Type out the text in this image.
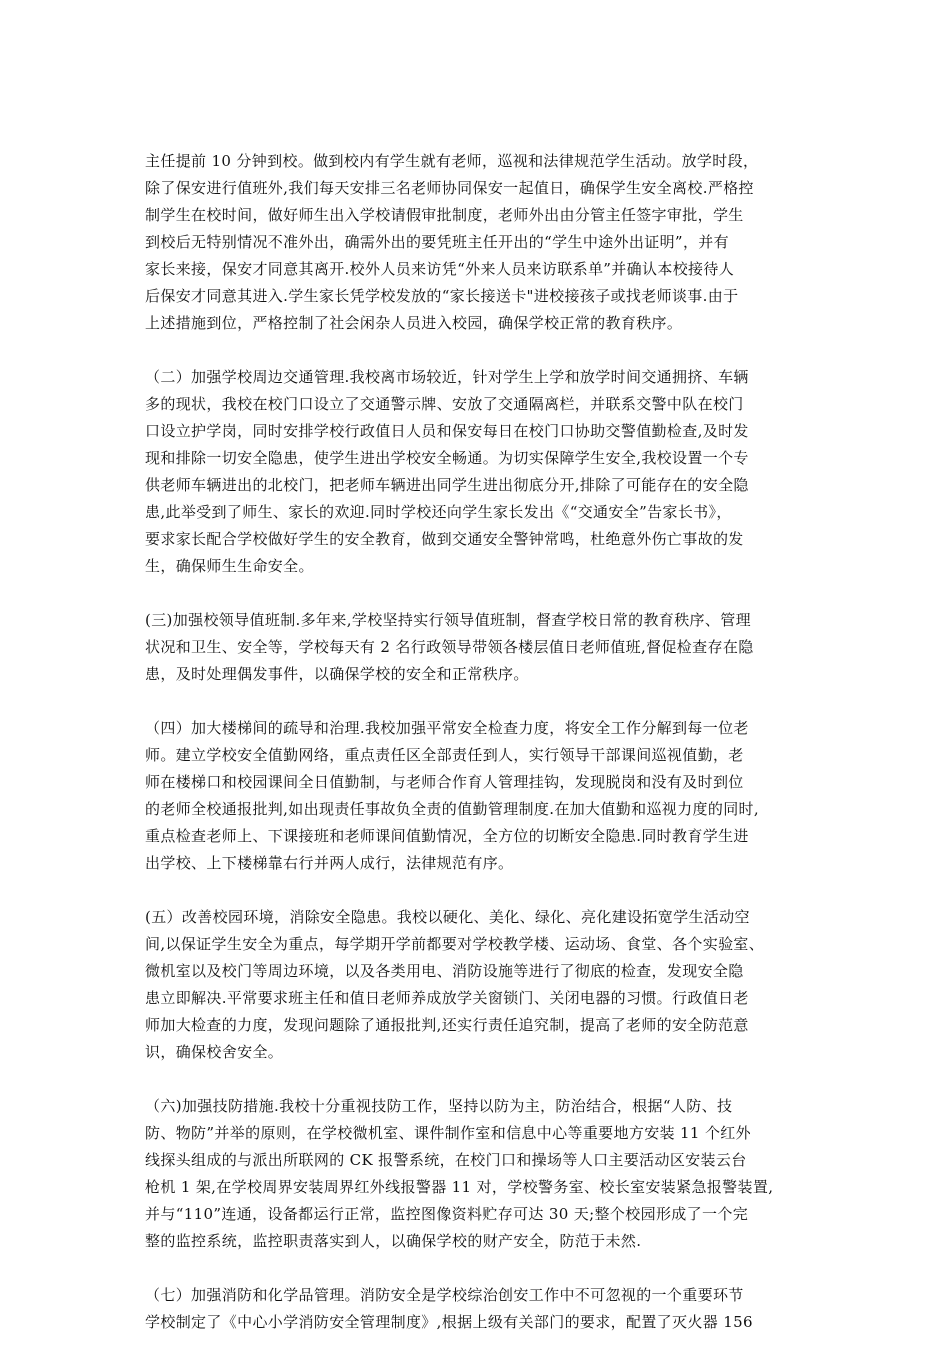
主任提前 10 分钟到校。做到校内有学生就有老师，巡视和法律规范学生活动。放学时段，
除了保安进行值班外,我们每天安排三名老师协同保安一起值日，确保学生安全离校.严格控
制学生在校时间，做好师生出入学校请假审批制度，老师外出由分管主任签字审批，学生
到校后无特别情况不准外出，确需外出的要凭班主任开出的“学生中途外出证明”，并有
家长来接，保安才同意其离开.校外人员来访凭“外来人员来访联系单”并确认本校接待人
后保安才同意其进入.学生家长凭学校发放的“家长接送卡"进校接孩子或找老师谈事.由于
上述措施到位，严格控制了社会闲杂人员进入校园，确保学校正常的教育秩序。
（二）加强学校周边交通管理.我校离市场较近，针对学生上学和放学时间交通拥挤、车辆
多的现状，我校在校门口设立了交通警示牌、安放了交通隔离栏，并联系交警中队在校门
口设立护学岗，同时安排学校行政值日人员和保安每日在校门口协助交警值勤检查,及时发
现和排除一切安全隐患，使学生进出学校安全畅通。为切实保障学生安全,我校设置一个专
供老师车辆进出的北校门，把老师车辆进出同学生进出彻底分开,排除了可能存在的安全隐
患,此举受到了师生、家长的欢迎.同时学校还向学生家长发出《“交通安全”告家长书》，
要求家长配合学校做好学生的安全教育，做到交通安全警钟常鸣，杜绝意外伤亡事故的发
生，确保师生生命安全。
(三)加强校领导值班制.多年来,学校坚持实行领导值班制，督查学校日常的教育秩序、管理
状况和卫生、安全等，学校每天有 2 名行政领导带领各楼层值日老师值班,督促检查存在隐
患，及时处理偶发事件，以确保学校的安全和正常秩序。
（四）加大楼梯间的疏导和治理.我校加强平常安全检查力度，将安全工作分解到每一位老
师。建立学校安全值勤网络，重点责任区全部责任到人，实行领导干部课间巡视值勤，老
师在楼梯口和校园课间全日值勤制，与老师合作育人管理挂钩，发现脱岗和没有及时到位
的老师全校通报批判,如出现责任事故负全责的值勤管理制度.在加大值勤和巡视力度的同时,
重点检查老师上、下课接班和老师课间值勤情况，全方位的切断安全隐患.同时教育学生进
出学校、上下楼梯靠右行并两人成行，法律规范有序。
(五）改善校园环境，消除安全隐患。我校以硬化、美化、绿化、亮化建设拓宽学生活动空
间,以保证学生安全为重点，每学期开学前都要对学校教学楼、运动场、食堂、各个实验室、
微机室以及校门等周边环境，以及各类用电、消防设施等进行了彻底的检查，发现安全隐
患立即解决.平常要求班主任和值日老师养成放学关窗锁门、关闭电器的习惯。行政值日老
师加大检查的力度，发现问题除了通报批判,还实行责任追究制，提高了老师的安全防范意
识，确保校舍安全。
（六)加强技防措施.我校十分重视技防工作，坚持以防为主，防治结合，根据“人防、技
防、物防”并举的原则，在学校微机室、课件制作室和信息中心等重要地方安装 11 个红外
线探头组成的与派出所联网的 CK 报警系统，在校门口和操场等人口主要活动区安装云台
枪机 1 架,在学校周界安装周界红外线报警器 11 对，学校警务室、校长室安装紧急报警装置,
并与“110”连通，设备都运行正常，监控图像资料贮存可达 30 天;整个校园形成了一个完
整的监控系统，监控职责落实到人，以确保学校的财产安全，防范于未然.
（七）加强消防和化学品管理。消防安全是学校综治创安工作中不可忽视的一个重要环节
学校制定了《中心小学消防安全管理制度》,根据上级有关部门的要求，配置了灭火器 156
